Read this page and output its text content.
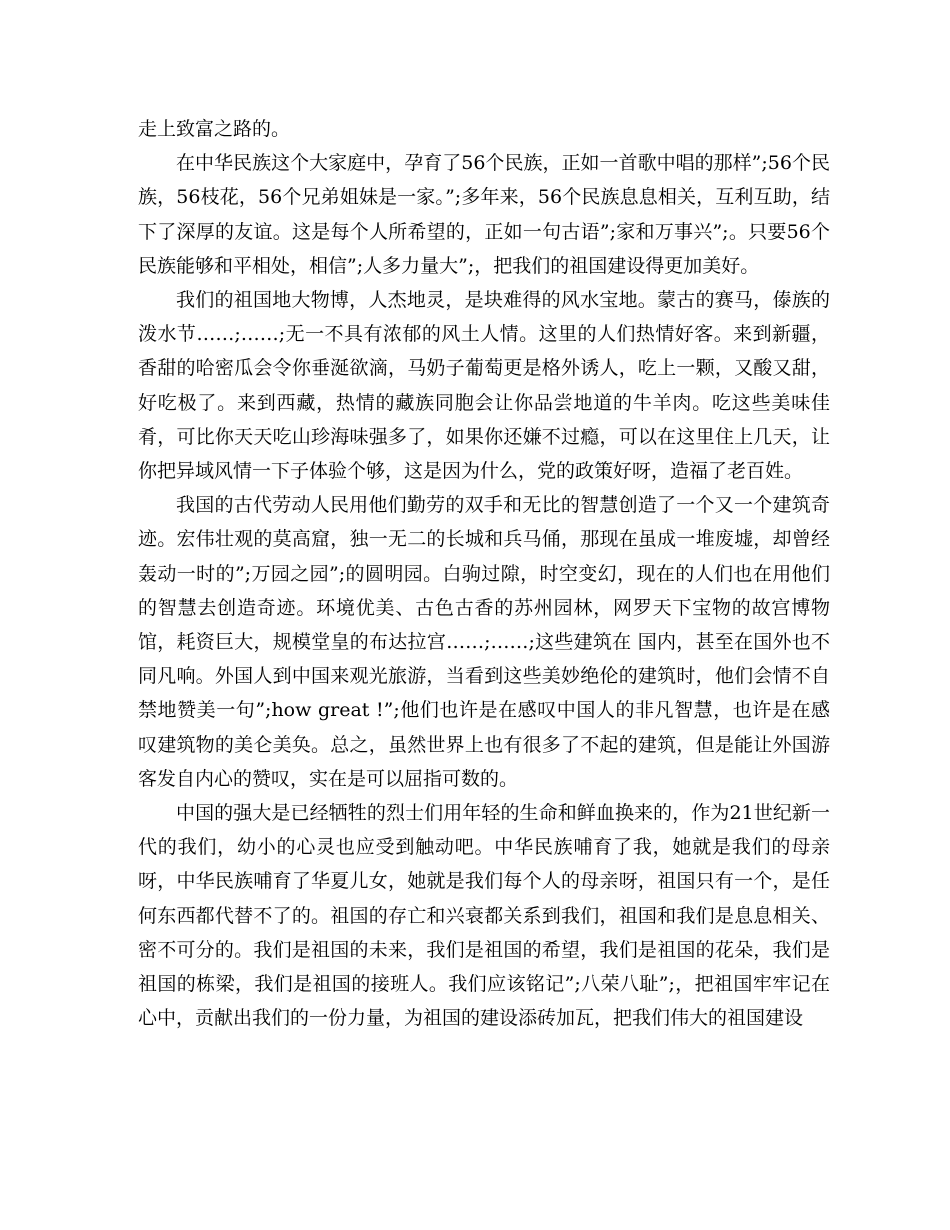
走上致富之路的。

在中华民族这个大家庭中，孕育了56个民族，正如一首歌中唱的那样”;56个民族，56枝花，56个兄弟姐妹是一家。”;多年来，56个民族息息相关，互利互助，结下了深厚的友谊。这是每个人所希望的，正如一句古语”;家和万事兴”;。只要56个民族能够和平相处，相信”;人多力量大”;，把我们的祖国建设得更加美好。

我们的祖国地大物博，人杰地灵，是块难得的风水宝地。蒙古的赛马，傣族的泼水节……;……;无一不具有浓郁的风土人情。这里的人们热情好客。来到新疆，香甜的哈密瓜会令你垂涎欲滴，马奶子葡萄更是格外诱人，吃上一颗，又酸又甜，好吃极了。来到西藏，热情的藏族同胞会让你品尝地道的牛羊肉。吃这些美味佳肴，可比你天天吃山珍海味强多了，如果你还嫌不过瘾，可以在这里住上几天，让你把异域风情一下子体验个够，这是因为什么，党的政策好呀，造福了老百姓。

我国的古代劳动人民用他们勤劳的双手和无比的智慧创造了一个又一个建筑奇迹。宏伟壮观的莫高窟，独一无二的长城和兵马俑，那现在虽成一堆废墟，却曾经轰动一时的”;万园之园”;的圆明园。白驹过隙，时空变幻，现在的人们也在用他们的智慧去创造奇迹。环境优美、古色古香的苏州园林，网罗天下宝物的故宫博物馆，耗资巨大，规模堂皇的布达拉宫……;……;这些建筑在 国内，甚至在国外也不同凡响。外国人到中国来观光旅游，当看到这些美妙绝伦的建筑时，他们会情不自禁地赞美一句”;how great !”;他们也许是在感叹中国人的非凡智慧，也许是在感叹建筑物的美仑美奂。总之，虽然世界上也有很多了不起的建筑，但是能让外国游客发自内心的赞叹，实在是可以屈指可数的。

中国的强大是已经牺牲的烈士们用年轻的生命和鲜血换来的，作为21世纪新一代的我们，幼小的心灵也应受到触动吧。中华民族哺育了我，她就是我们的母亲呀，中华民族哺育了华夏儿女，她就是我们每个人的母亲呀，祖国只有一个，是任何东西都代替不了的。祖国的存亡和兴衰都关系到我们，祖国和我们是息息相关、密不可分的。我们是祖国的未来，我们是祖国的希望，我们是祖国的花朵，我们是祖国的栋梁，我们是祖国的接班人。我们应该铭记”;八荣八耻”;，把祖国牢牢记在心中，贡献出我们的一份力量，为祖国的建设添砖加瓦，把我们伟大的祖国建设
